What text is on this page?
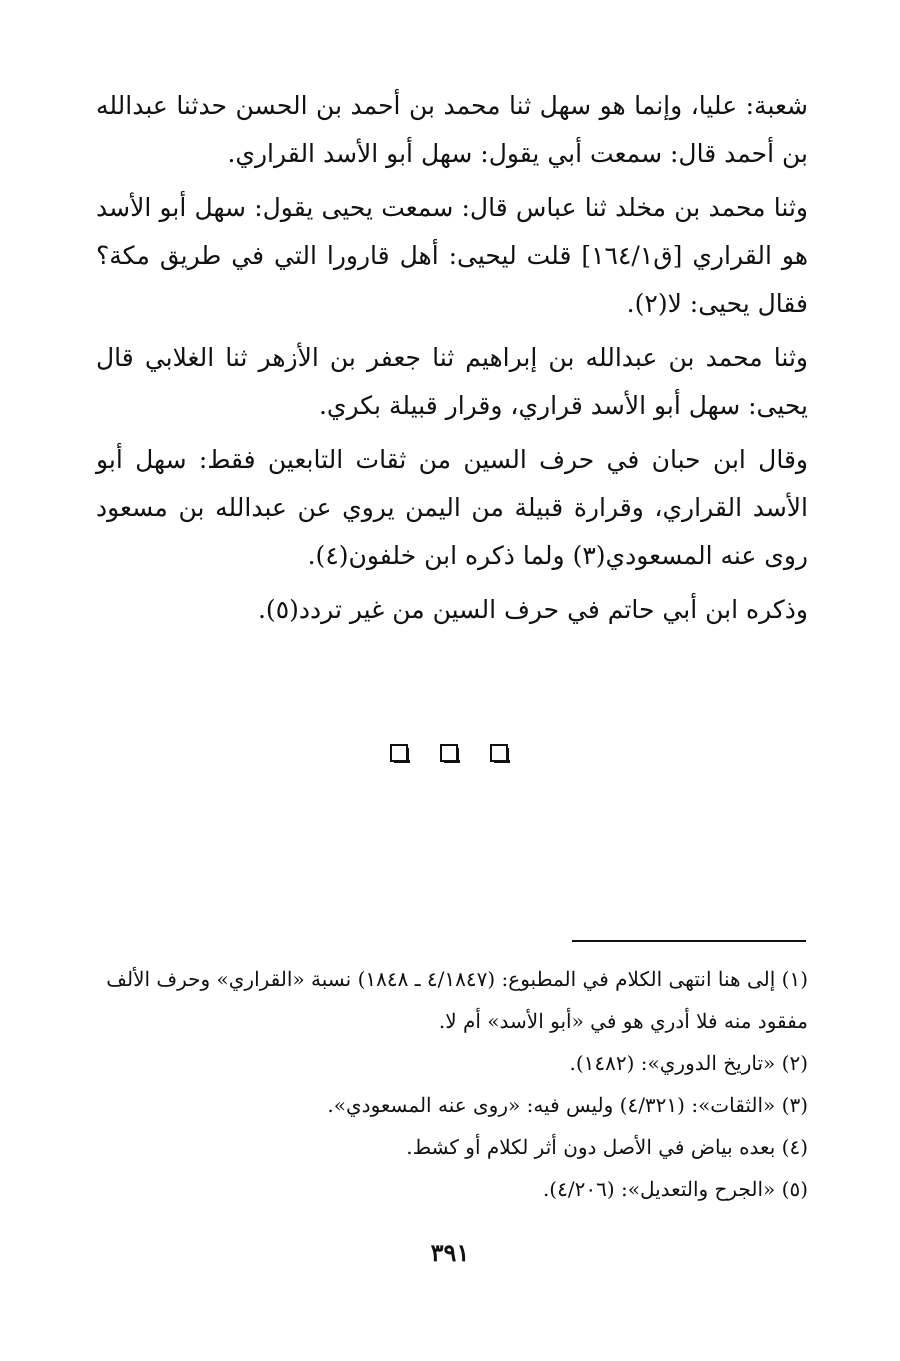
شعبة: عليا، وإنما هو سهل ثنا محمد بن أحمد بن الحسن حدثنا عبدالله بن أحمد قال: سمعت أبي يقول: سهل أبو الأسد القراري.

وثنا محمد بن مخلد ثنا عباس قال: سمعت يحيى يقول: سهل أبو الأسد هو القراري [ق١٦٤/١] قلت ليحيى: أهل قارورا التي في طريق مكة؟ فقال يحيى: لا(٢).

وثنا محمد بن عبدالله بن إبراهيم ثنا جعفر بن الأزهر ثنا الغلابي قال يحيى: سهل أبو الأسد قراري، وقرار قبيلة بكري.

وقال ابن حبان في حرف السين من ثقات التابعين فقط: سهل أبو الأسد القراري، وقرارة قبيلة من اليمن يروي عن عبدالله بن مسعود روى عنه المسعودي(٣) ولما ذكره ابن خلفون(٤).

وذكره ابن أبي حاتم في حرف السين من غير تردد(٥).

(١) إلى هنا انتهى الكلام في المطبوع: (٤/١٨٤٧ ـ ١٨٤٨) نسبة «القراري» وحرف الألف مفقود منه فلا أدري هو في «أبو الأسد» أم لا.

(٢) «تاريخ الدوري»: (١٤٨٢).

(٣) «الثقات»: (٤/٣٢١) وليس فيه: «روى عنه المسعودي».

(٤) بعده بياض في الأصل دون أثر لكلام أو كشط.

(٥) «الجرح والتعديل»: (٤/٢٠٦).

٣٩١
